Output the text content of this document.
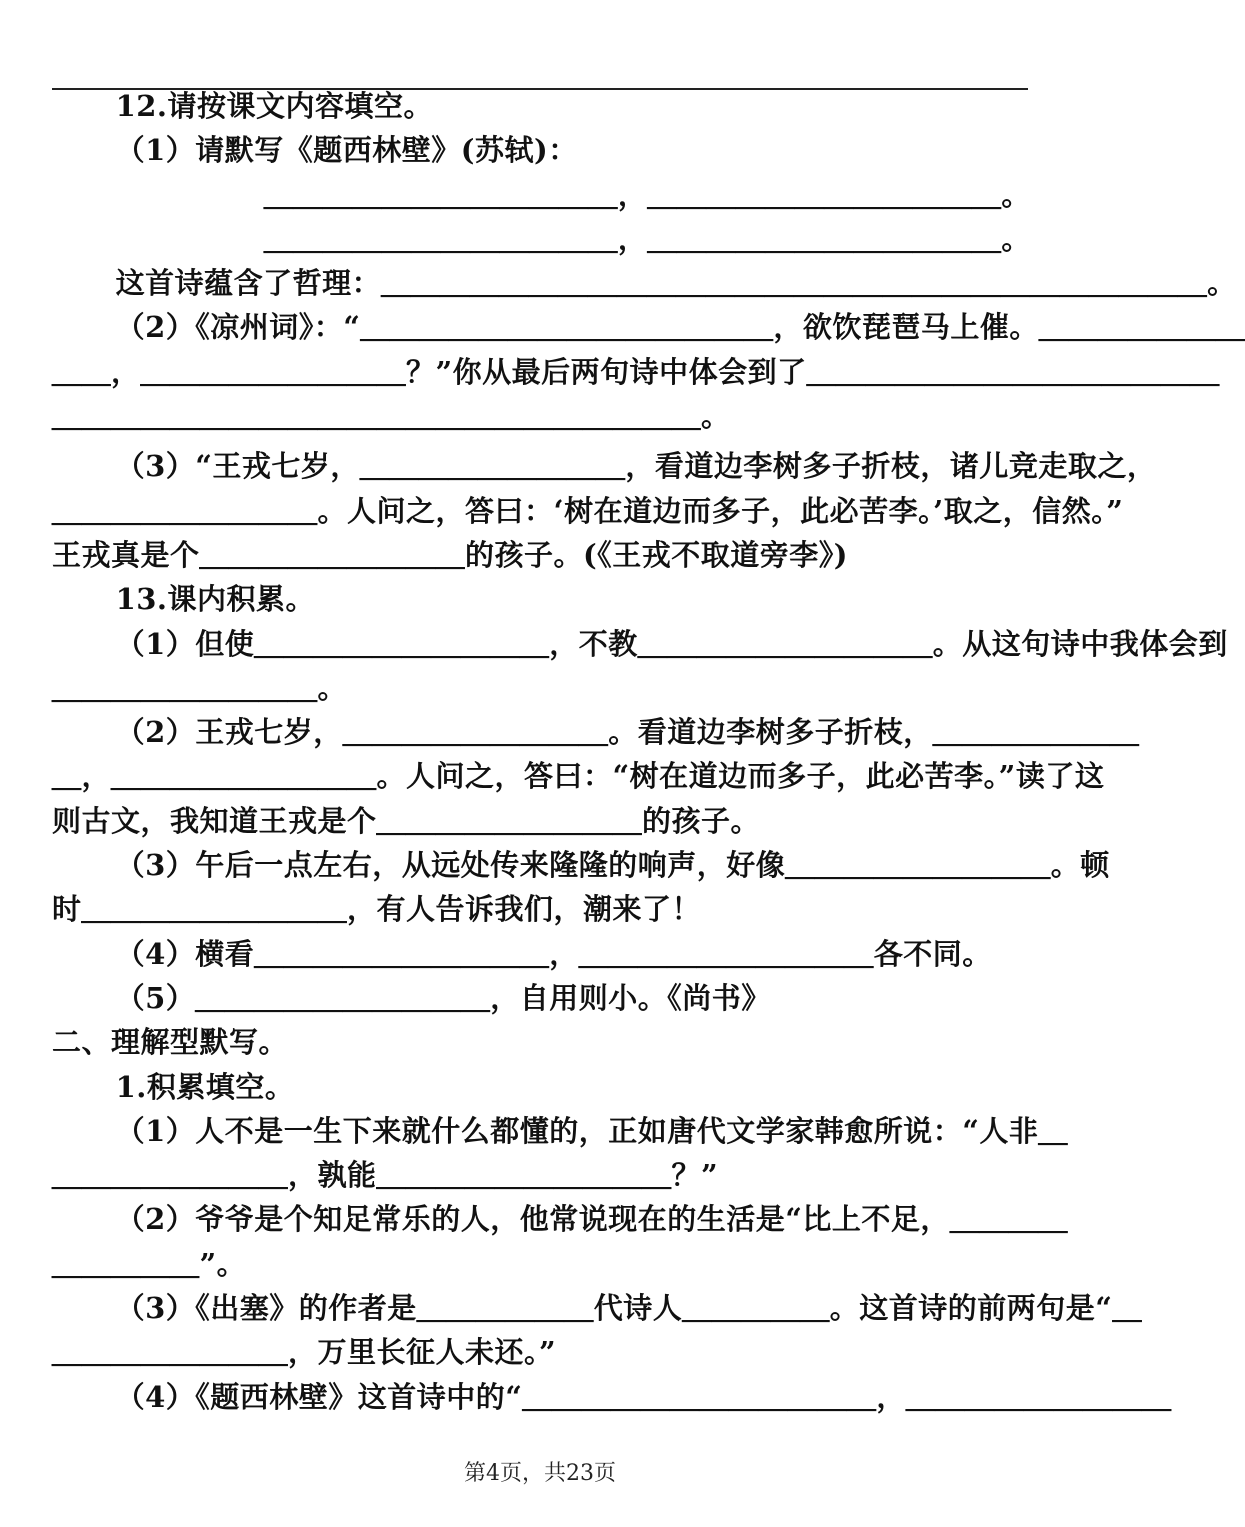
12.请按课文内容填空。
（1）请默写《题西林壁》(苏轼)：
＿＿＿＿＿＿＿＿＿＿＿＿，＿＿＿＿＿＿＿＿＿＿＿＿。
＿＿＿＿＿＿＿＿＿＿＿＿，＿＿＿＿＿＿＿＿＿＿＿＿。
这首诗蕴含了哲理：＿＿＿＿＿＿＿＿＿＿＿＿＿＿＿＿＿＿＿＿＿＿＿＿＿＿＿＿。
（2）《凉州词》：“＿＿＿＿＿＿＿＿＿＿＿＿＿＿，欲饮琵琶马上催。＿＿＿＿＿＿＿
＿＿，＿＿＿＿＿＿＿＿＿？”你从最后两句诗中体会到了＿＿＿＿＿＿＿＿＿＿＿＿＿＿
＿＿＿＿＿＿＿＿＿＿＿＿＿＿＿＿＿＿＿＿＿＿。
（3）“王戎七岁，＿＿＿＿＿＿＿＿＿，看道边李树多子折枝，诸儿竞走取之，
＿＿＿＿＿＿＿＿＿。人问之，答曰：‘树在道边而多子，此必苦李。’取之，信然。”
王戎真是个＿＿＿＿＿＿＿＿＿的孩子。(《王戎不取道旁李》)
13.课内积累。
（1）但使＿＿＿＿＿＿＿＿＿＿，不教＿＿＿＿＿＿＿＿＿＿。从这句诗中我体会到
＿＿＿＿＿＿＿＿＿。
（2）王戎七岁，＿＿＿＿＿＿＿＿＿。看道边李树多子折枝，＿＿＿＿＿＿＿
＿，＿＿＿＿＿＿＿＿＿。人问之，答曰：“树在道边而多子，此必苦李。”读了这
则古文，我知道王戎是个＿＿＿＿＿＿＿＿＿的孩子。
（3）午后一点左右，从远处传来隆隆的响声，好像＿＿＿＿＿＿＿＿＿。顿
时＿＿＿＿＿＿＿＿＿，有人告诉我们，潮来了！
（4）横看＿＿＿＿＿＿＿＿＿＿，＿＿＿＿＿＿＿＿＿＿各不同。
（5）＿＿＿＿＿＿＿＿＿＿，自用则小。《尚书》
二、理解型默写。
1.积累填空。
（1）人不是一生下来就什么都懂的，正如唐代文学家韩愈所说：“人非＿
＿＿＿＿＿＿＿＿，孰能＿＿＿＿＿＿＿＿＿＿？”
（2）爷爷是个知足常乐的人，他常说现在的生活是“比上不足，＿＿＿＿
＿＿＿＿＿”。
（3）《出塞》的作者是＿＿＿＿＿＿代诗人＿＿＿＿＿。这首诗的前两句是“＿
＿＿＿＿＿＿＿＿，万里长征人未还。”
（4）《题西林壁》这首诗中的“＿＿＿＿＿＿＿＿＿＿＿＿，＿＿＿＿＿＿＿＿＿
第4页，共23页
